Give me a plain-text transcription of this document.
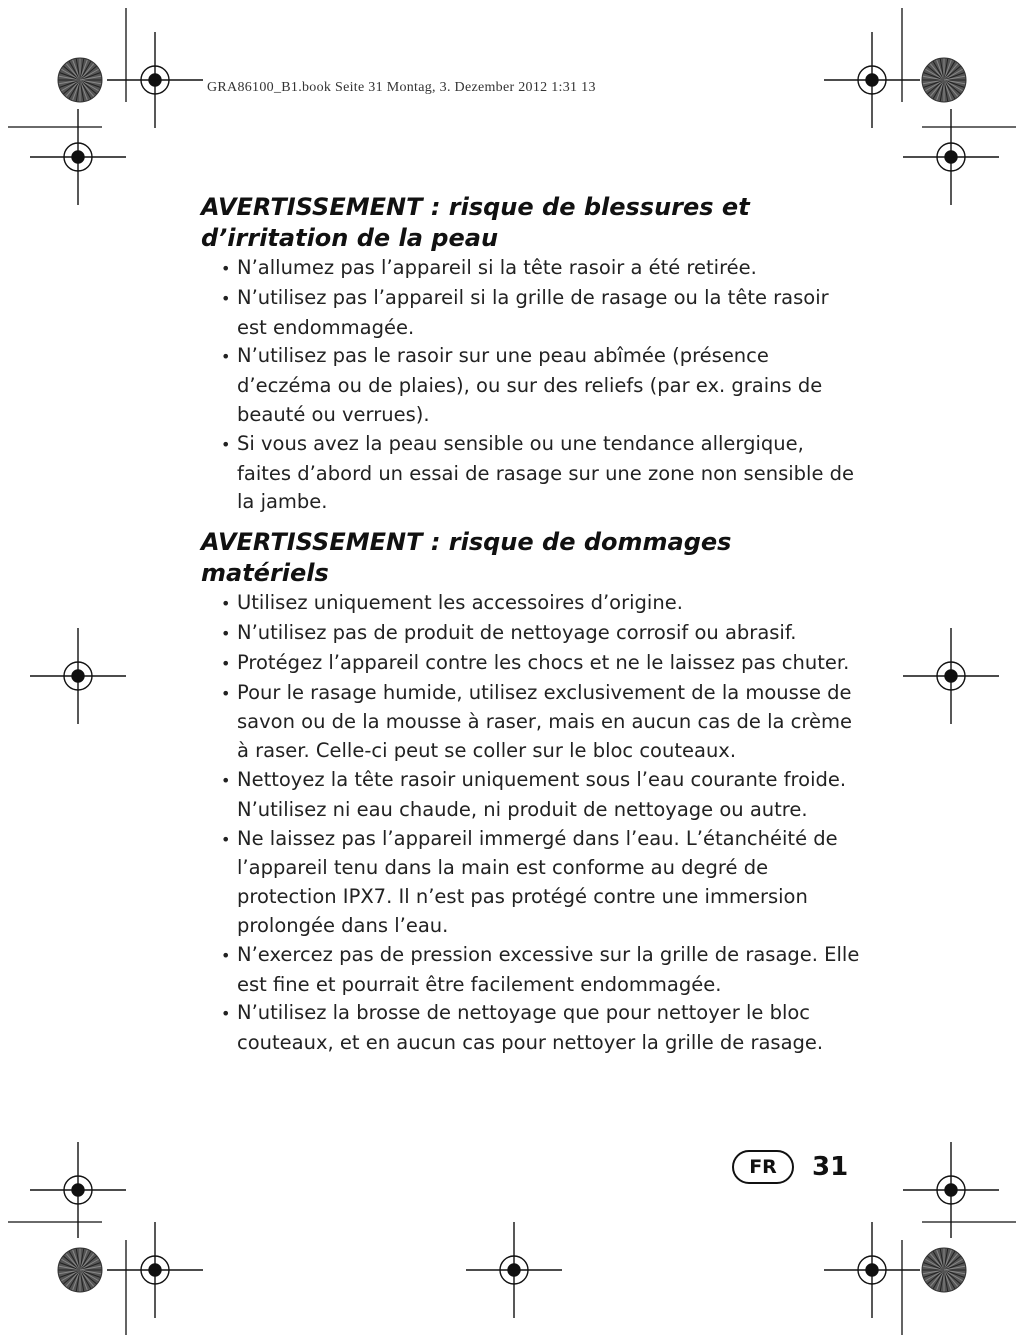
GRA86100_B1.book Seite 31 Montag, 3. Dezember 2012 1:31 13
AVERTISSEMENT : risque de blessures et d’irritation de la peau
• N’allumez pas l’appareil si la tête rasoir a été retirée.
• N’utilisez pas l’appareil si la grille de rasage ou la tête rasoir est endommagée.
• N’utilisez pas le rasoir sur une peau abîmée (présence d’eczéma ou de plaies), ou sur des reliefs (par ex. grains de beauté ou verrues).
• Si vous avez la peau sensible ou une tendance allergique, faites d’abord un essai de rasage sur une zone non sensible de la jambe.
AVERTISSEMENT : risque de dommages matériels
• Utilisez uniquement les accessoires d’origine.
• N’utilisez pas de produit de nettoyage corrosif ou abrasif.
• Protégez l’appareil contre les chocs et ne le laissez pas chuter.
• Pour le rasage humide, utilisez exclusivement de la mousse de savon ou de la mousse à raser, mais en aucun cas de la crème à raser. Celle-ci peut se coller sur le bloc couteaux.
• Nettoyez la tête rasoir uniquement sous l’eau courante froide. N’utilisez ni eau chaude, ni produit de nettoyage ou autre.
• Ne laissez pas l’appareil immergé dans l’eau. L’étanchéité de l’appareil tenu dans la main est conforme au degré de protection IPX7. Il n’est pas protégé contre une immersion prolongée dans l’eau.
• N’exercez pas de pression excessive sur la grille de rasage. Elle est fine et pourrait être facilement endommagée.
• N’utilisez la brosse de nettoyage que pour nettoyer le bloc couteaux, et en aucun cas pour nettoyer la grille de rasage.
FR	31
